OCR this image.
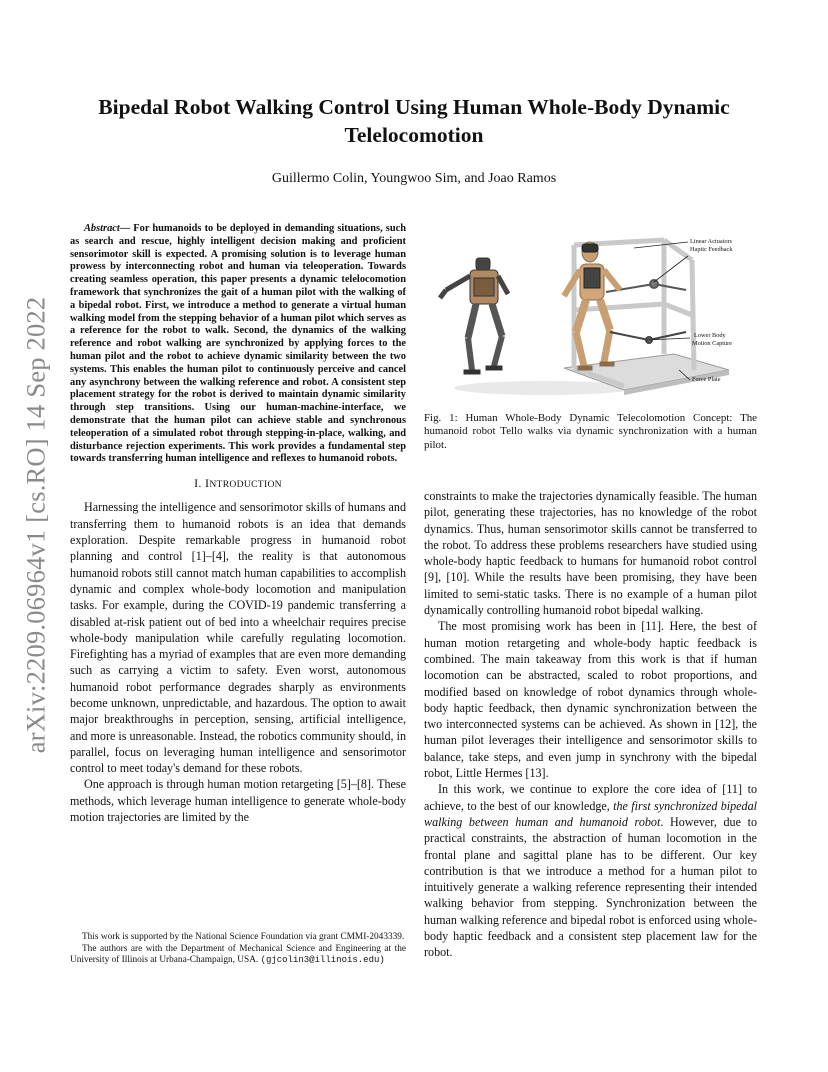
arXiv:2209.06964v1 [cs.RO] 14 Sep 2022
Bipedal Robot Walking Control Using Human Whole-Body Dynamic Telelocomotion
Guillermo Colin, Youngwoo Sim, and Joao Ramos

Abstract— For humanoids to be deployed in demanding situations, such as search and rescue, highly intelligent decision making and proficient sensorimotor skill is expected. A promising solution is to leverage human prowess by interconnecting robot and human via teleoperation. Towards creating seamless operation, this paper presents a dynamic telelocomotion framework that synchronizes the gait of a human pilot with the walking of a bipedal robot. First, we introduce a method to generate a virtual human walking model from the stepping behavior of a human pilot which serves as a reference for the robot to walk. Second, the dynamics of the walking reference and robot walking are synchronized by applying forces to the human pilot and the robot to achieve dynamic similarity between the two systems. This enables the human pilot to continuously perceive and cancel any asynchrony between the walking reference and robot. A consistent step placement strategy for the robot is derived to maintain dynamic similarity through step transitions. Using our human-machine-interface, we demonstrate that the human pilot can achieve stable and synchronous teleoperation of a simulated robot through stepping-in-place, walking, and disturbance rejection experiments. This work provides a fundamental step towards transferring human intelligence and reflexes to humanoid robots.

I. INTRODUCTION

Harnessing the intelligence and sensorimotor skills of humans and transferring them to humanoid robots is an idea that demands exploration. Despite remarkable progress in humanoid robot planning and control [1]–[4], the reality is that autonomous humanoid robots still cannot match human capabilities to accomplish dynamic and complex whole-body locomotion and manipulation tasks. For example, during the COVID-19 pandemic transferring a disabled at-risk patient out of bed into a wheelchair requires precise whole-body manipulation while carefully regulating locomotion. Firefighting has a myriad of examples that are even more demanding such as carrying a victim to safety. Even worst, autonomous humanoid robot performance degrades sharply as environments become unknown, unpredictable, and hazardous. The option to await major breakthroughs in perception, sensing, artificial intelligence, and more is unreasonable. Instead, the robotics community should, in parallel, focus on leveraging human intelligence and sensorimotor control to meet today's demand for these robots.

One approach is through human motion retargeting [5]–[8]. These methods, which leverage human intelligence to generate whole-body motion trajectories are limited by the

This work is supported by the National Science Foundation via grant CMMI-2043339.

The authors are with the Department of Mechanical Science and Engineering at the University of Illinois at Urbana-Champaign, USA. (gjcolin3@illinois.edu)

Linear Actuators
Haptic Feedback
Lower Body
Motion Capture
Force Plate
Fig. 1: Human Whole-Body Dynamic Telecolomotion Concept: The humanoid robot Tello walks via dynamic synchronization with a human pilot.

constraints to make the trajectories dynamically feasible. The human pilot, generating these trajectories, has no knowledge of the robot dynamics. Thus, human sensorimotor skills cannot be transferred to the robot. To address these problems researchers have studied using whole-body haptic feedback to humans for humanoid robot control [9], [10]. While the results have been promising, they have been limited to semi-static tasks. There is no example of a human pilot dynamically controlling humanoid robot bipedal walking.

The most promising work has been in [11]. Here, the best of human motion retargeting and whole-body haptic feedback is combined. The main takeaway from this work is that if human locomotion can be abstracted, scaled to robot proportions, and modified based on knowledge of robot dynamics through whole-body haptic feedback, then dynamic synchronization between the two interconnected systems can be achieved. As shown in [12], the human pilot leverages their intelligence and sensorimotor skills to balance, take steps, and even jump in synchrony with the bipedal robot, Little Hermes [13].

In this work, we continue to explore the core idea of [11] to achieve, to the best of our knowledge, the first synchronized bipedal walking between human and humanoid robot. However, due to practical constraints, the abstraction of human locomotion in the frontal plane and sagittal plane has to be different. Our key contribution is that we introduce a method for a human pilot to intuitively generate a walking reference representing their intended walking behavior from stepping. Synchronization between the human walking reference and bipedal robot is enforced using whole-body haptic feedback and a consistent step placement law for the robot.
